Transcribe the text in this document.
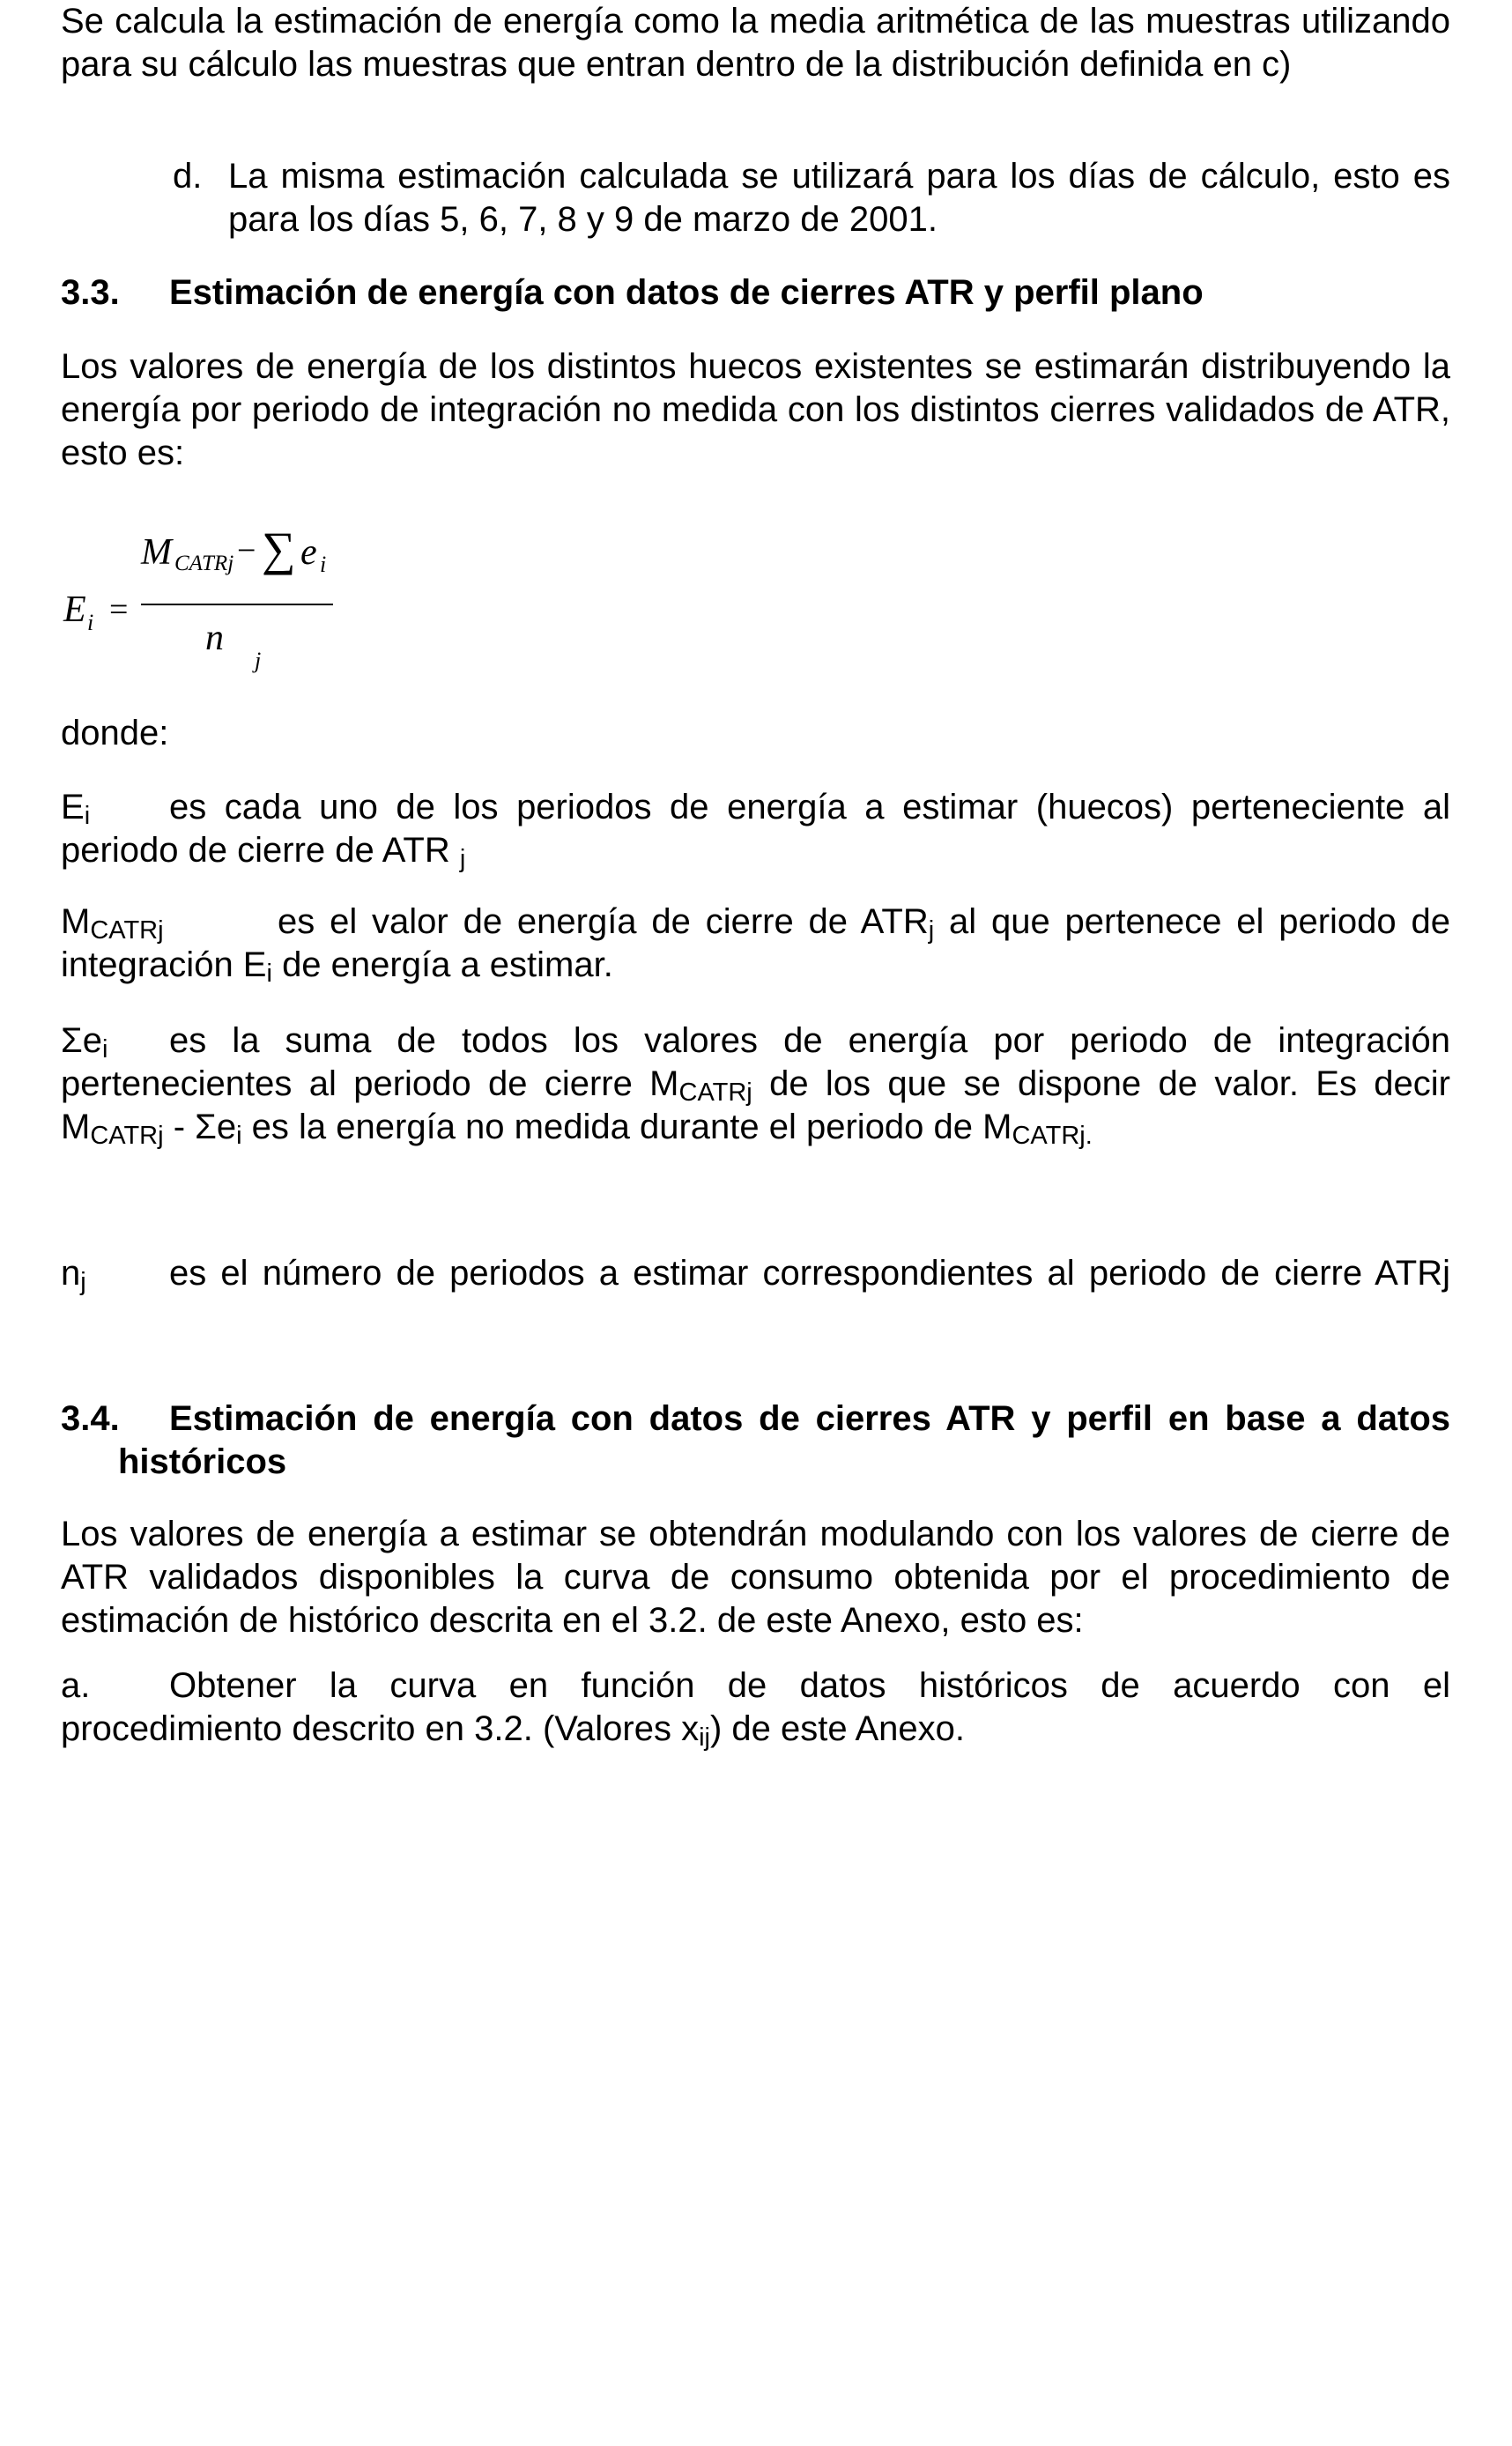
Se calcula la estimación de energía como la media aritmética de las muestras utilizando para su cálculo las muestras que entran dentro de la distribución definida en c)

d. La misma estimación calculada se utilizará para los días de cálculo, esto es para los días 5, 6, 7, 8 y 9 de marzo de 2001.

3.3. Estimación de energía con datos de cierres ATR y perfil plano

Los valores de energía de los distintos huecos existentes se estimarán distribuyendo la energía por periodo de integración no medida con los distintos cierres validados de ATR, esto es:

E i =
M CATRj − ∑ e i
n
j
donde:
$E_i$ es cada uno de los periodos de energía a estimar (huecos) perteneciente al
periodo de cierre de ATR $_j$
$M_{CATRj}$	es el valor de energía de cierre de $ATR_j$ al que pertenece el periodo de
integración $E_i$ de energía a estimar.
$\Sigma e_i$ es la suma de todos los valores de energía por periodo de integración
pertenecientes al periodo de cierre $M_{CATRj}$ de los que se dispone de valor. Es decir
$M_{CATRj} - \Sigma e_i$ es la energía no medida durante el periodo de $M_{CATRj.}$
$n_j$ es el número de periodos a estimar correspondientes al periodo de cierre ATRj
3.4. Estimación de energía con datos de cierres ATR y perfil en base a datos
históricos

Los valores de energía a estimar se obtendrán modulando con los valores de cierre de ATR validados disponibles la curva de consumo obtenida por el procedimiento de estimación de histórico descrita en el 3.2. de este Anexo, esto es:

a. Obtener la curva en función de datos históricos de acuerdo con el
procedimiento descrito en 3.2. (Valores $x_{ij}$) de este Anexo.
